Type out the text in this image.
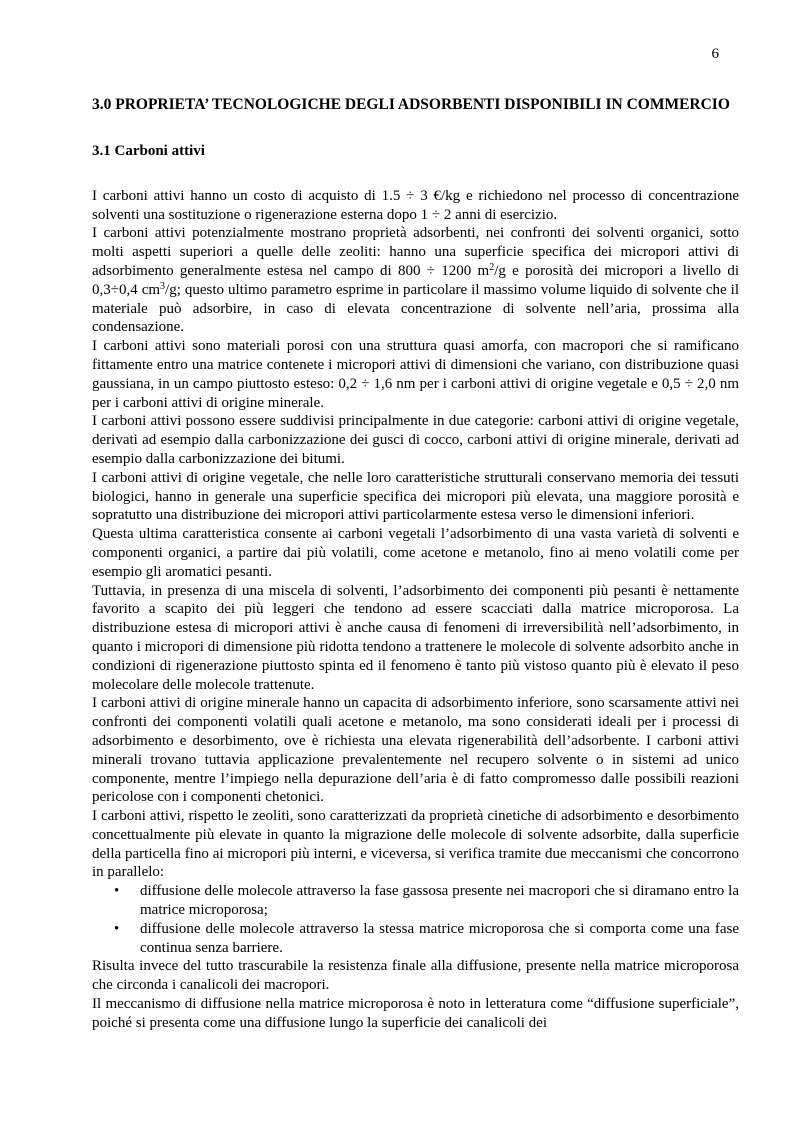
6
3.0 PROPRIETA’ TECNOLOGICHE DEGLI ADSORBENTI DISPONIBILI IN COMMERCIO
3.1 Carboni attivi

I carboni attivi hanno un costo di acquisto di 1.5 ÷ 3 €/kg e richiedono nel processo di concentrazione solventi una sostituzione o rigenerazione esterna dopo 1 ÷ 2 anni di esercizio.

I carboni attivi potenzialmente mostrano proprietà adsorbenti, nei confronti dei solventi organici, sotto molti aspetti superiori a quelle delle zeoliti: hanno una superficie specifica dei micropori attivi di adsorbimento generalmente estesa nel campo di 800 ÷ 1200 $m^2/g$ e porosità dei micropori a livello di 0,3÷0,4 $cm^3/g$; questo ultimo parametro esprime in particolare il massimo volume liquido di solvente che il materiale può adsorbire, in caso di elevata concentrazione di solvente nell’aria, prossima alla condensazione.

I carboni attivi sono materiali porosi con una struttura quasi amorfa, con macropori che si ramificano fittamente entro una matrice contenete i micropori attivi di dimensioni che variano, con distribuzione quasi gaussiana, in un campo piuttosto esteso: 0,2 ÷ 1,6 nm per i carboni attivi di origine vegetale e 0,5 ÷ 2,0 nm per i carboni attivi di origine minerale.

I carboni attivi possono essere suddivisi principalmente in due categorie: carboni attivi di origine vegetale, derivati ad esempio dalla carbonizzazione dei gusci di cocco, carboni attivi di origine minerale, derivati ad esempio dalla carbonizzazione dei bitumi.

I carboni attivi di origine vegetale, che nelle loro caratteristiche strutturali conservano memoria dei tessuti biologici, hanno in generale una superficie specifica dei micropori più elevata, una maggiore porosità e sopratutto una distribuzione dei micropori attivi particolarmente estesa verso le dimensioni inferiori.

Questa ultima caratteristica consente ai carboni vegetali l’adsorbimento di una vasta varietà di solventi e componenti organici, a partire dai più volatili, come acetone e metanolo, fino ai meno volatili come per esempio gli aromatici pesanti.

Tuttavia, in presenza di una miscela di solventi, l’adsorbimento dei componenti più pesanti è nettamente favorito a scapito dei più leggeri che tendono ad essere scacciati dalla matrice microporosa. La distribuzione estesa di micropori attivi è anche causa di fenomeni di irreversibilità nell’adsorbimento, in quanto i micropori di dimensione più ridotta tendono a trattenere le molecole di solvente adsorbito anche in condizioni di rigenerazione piuttosto spinta ed il fenomeno è tanto più vistoso quanto più è elevato il peso molecolare delle molecole trattenute.

I carboni attivi di origine minerale hanno un capacita di adsorbimento inferiore, sono scarsamente attivi nei confronti dei componenti volatili quali acetone e metanolo, ma sono considerati ideali per i processi di adsorbimento e desorbimento, ove è richiesta una elevata rigenerabilità dell’adsorbente. I carboni attivi minerali trovano tuttavia applicazione prevalentemente nel recupero solvente o in sistemi ad unico componente, mentre l’impiego nella depurazione dell’aria è di fatto compromesso dalle possibili reazioni pericolose con i componenti chetonici.

I carboni attivi, rispetto le zeoliti, sono caratterizzati da proprietà cinetiche di adsorbimento e desorbimento concettualmente più elevate in quanto la migrazione delle molecole di solvente adsorbite, dalla superficie della particella fino ai micropori più interni, e viceversa, si verifica tramite due meccanismi che concorrono in parallelo:

• diffusione delle molecole attraverso la fase gassosa presente nei macropori che si diramano entro la matrice microporosa;
• diffusione delle molecole attraverso la stessa matrice microporosa che si comporta come una fase continua senza barriere.

Risulta invece del tutto trascurabile la resistenza finale alla diffusione, presente nella matrice microporosa che circonda i canalicoli dei macropori.

Il meccanismo di diffusione nella matrice microporosa è noto in letteratura come “diffusione superficiale”, poiché si presenta come una diffusione lungo la superficie dei canalicoli dei
